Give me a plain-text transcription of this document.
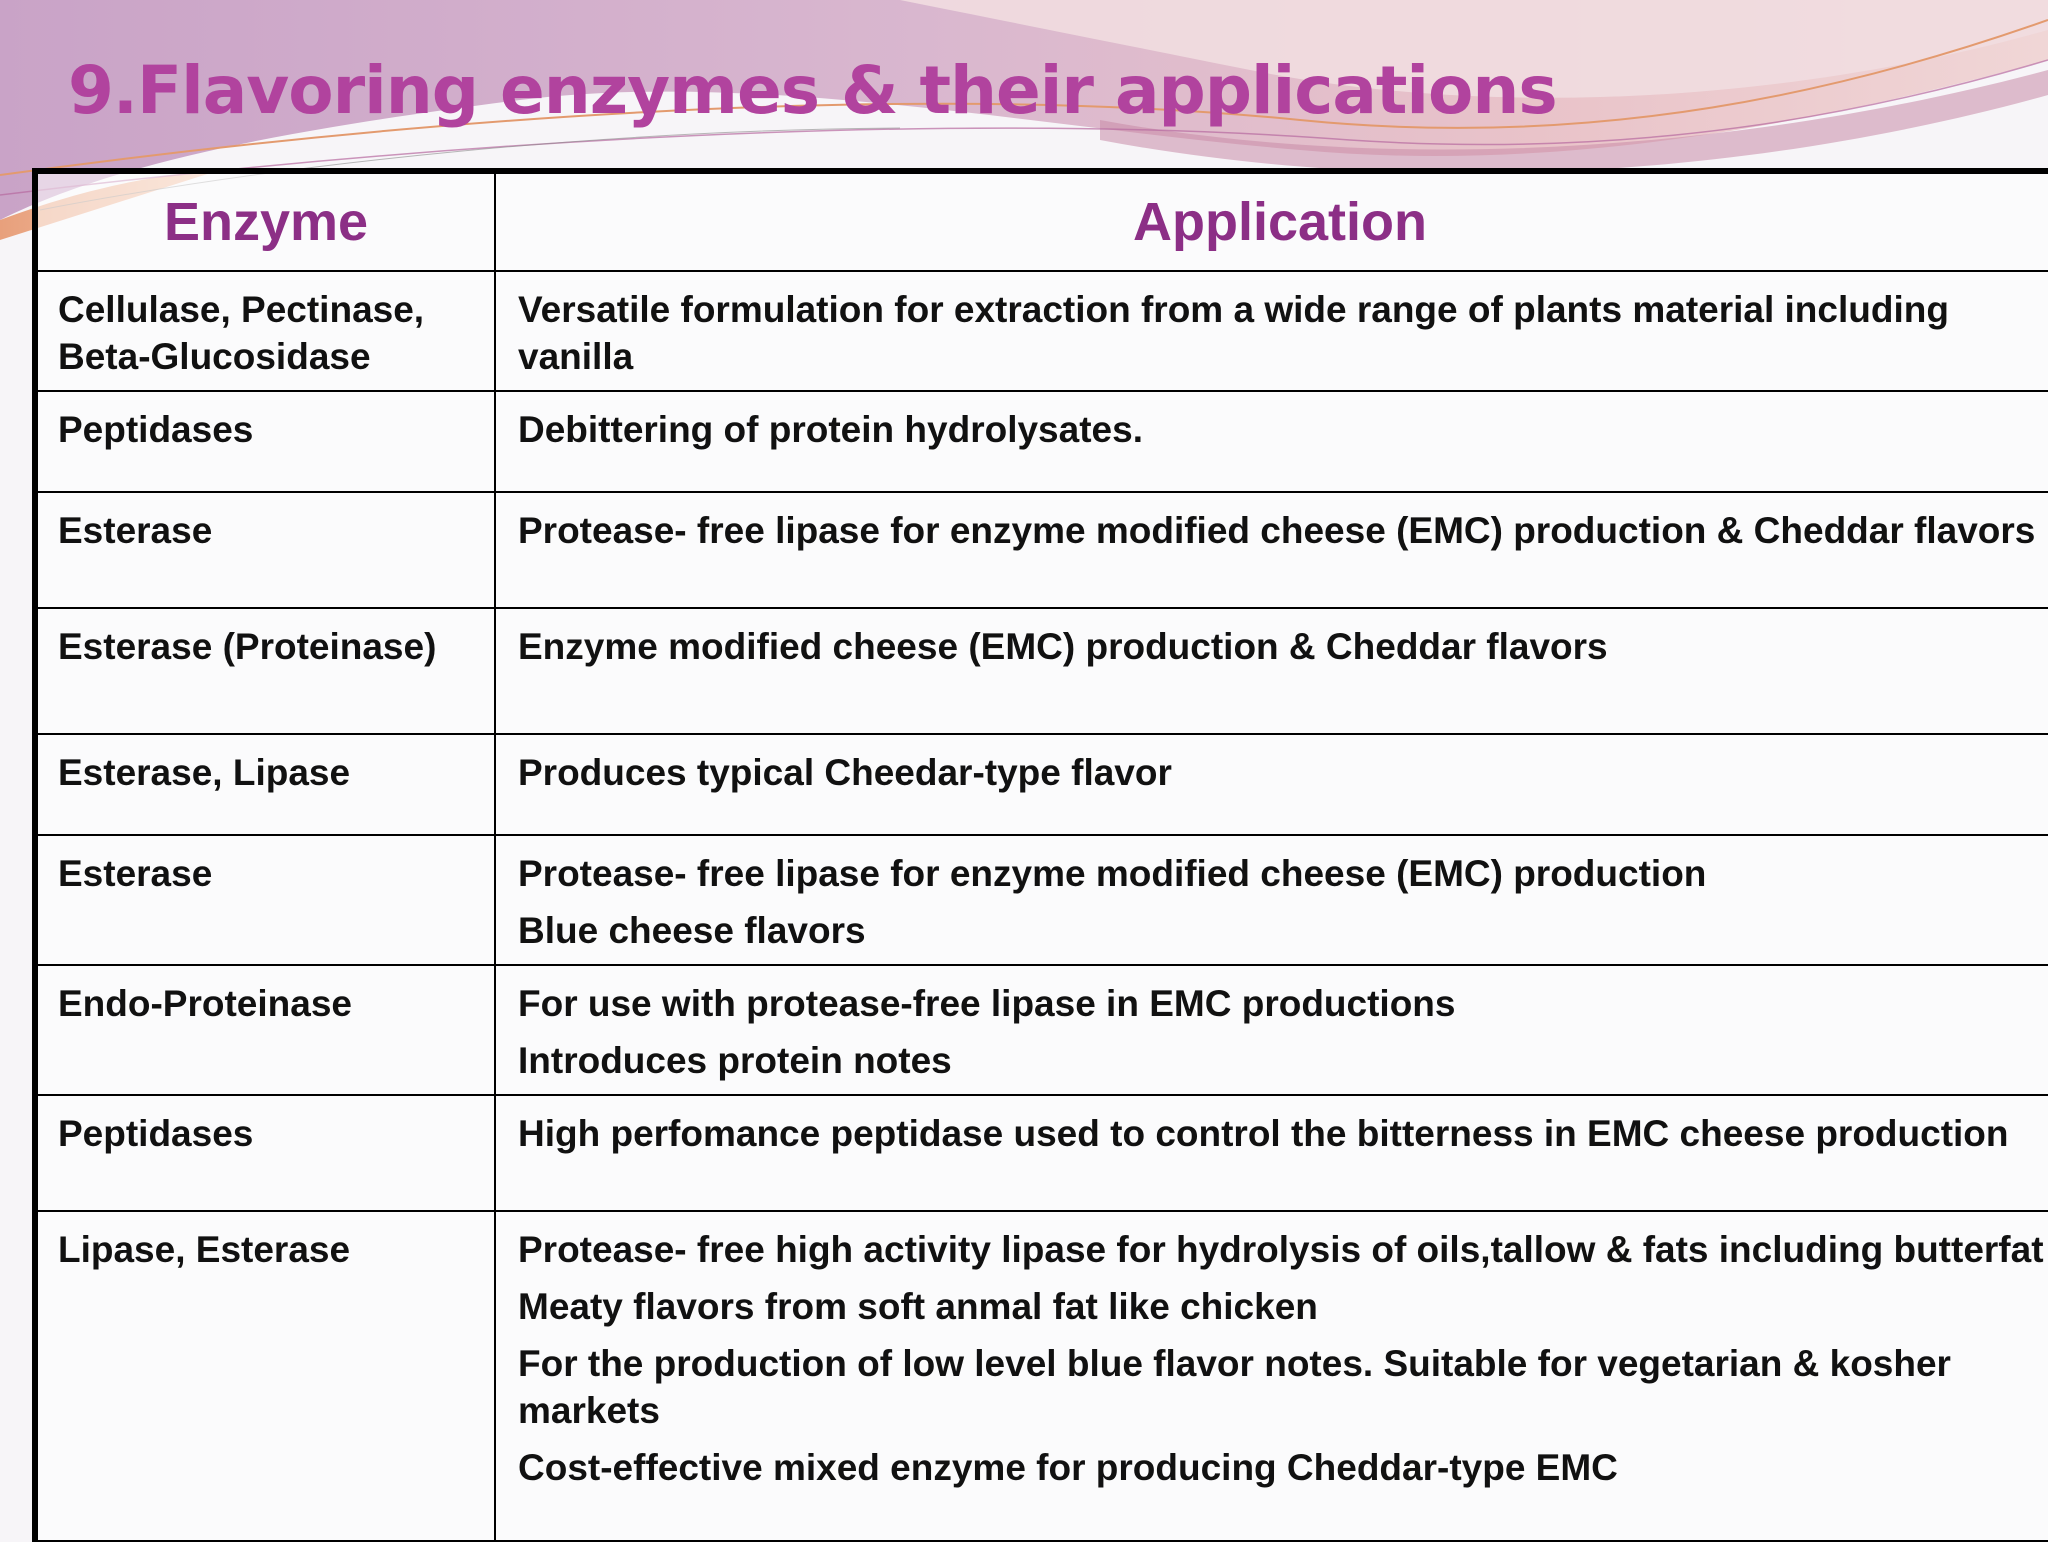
9.Flavoring enzymes & their applications
Enzyme	Application
Cellulase, Pectinase, Beta-Glucosidase	Versatile formulation for extraction from a wide range of plants material including vanilla

Peptidases	Debittering of protein hydrolysates.

Esterase	Protease- free lipase for enzyme modified cheese (EMC) production & Cheddar flavors

Esterase (Proteinase)	Enzyme modified cheese (EMC) production & Cheddar flavors

Esterase, Lipase	Produces typical Cheedar-type flavor

Esterase	Protease- free lipase for enzyme modified cheese (EMC) production
Blue cheese flavors

Endo-Proteinase	For use with protease-free lipase in EMC productions
Introduces protein notes

Peptidases	High perfomance peptidase used to control the bitterness in EMC cheese production

Lipase, Esterase	Protease- free high activity lipase for hydrolysis of oils,tallow & fats including butterfat
Meaty flavors from soft anmal fat like chicken
For the production of low level blue flavor notes. Suitable for vegetarian & kosher markets
Cost-effective mixed enzyme for producing Cheddar-type EMC
